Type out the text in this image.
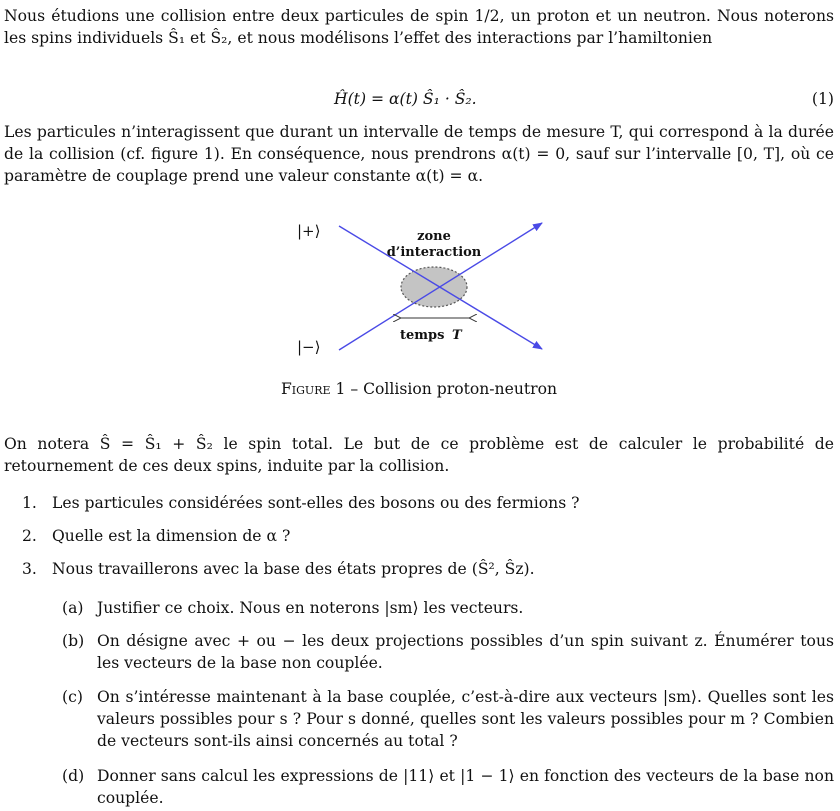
Nous étudions une collision entre deux particules de spin 1/2, un proton et un neutron. Nous noterons les spins individuels Ŝ₁ et Ŝ₂, et nous modélisons l’effet des interactions par l’hamiltonien

Ĥ(t) = α(t) Ŝ₁ · Ŝ₂.	(1)

Les particules n’interagissent que durant un intervalle de temps de mesure T, qui correspond à la durée de la collision (cf. figure 1). En conséquence, nous prendrons α(t) = 0, sauf sur l’intervalle [0, T], où ce paramètre de couplage prend une valeur constante α(t) = α.

|+⟩
|−⟩
zone
d’interaction
temps T
Figure 1 – Collision proton-neutron

On notera Ŝ = Ŝ₁ + Ŝ₂ le spin total. Le but de ce problème est de calculer le probabilité de retournement de ces deux spins, induite par la collision.

1. Les particules considérées sont-elles des bosons ou des fermions ?
2. Quelle est la dimension de α ?
3. Nous travaillerons avec la base des états propres de (Ŝ², Ŝz).
(a) Justifier ce choix. Nous en noterons |sm⟩ les vecteurs.
(b) On désigne avec + ou − les deux projections possibles d’un spin suivant z. Énumérer tous les vecteurs de la base non couplée.
(c) On s’intéresse maintenant à la base couplée, c’est-à-dire aux vecteurs |sm⟩. Quelles sont les valeurs possibles pour s ? Pour s donné, quelles sont les valeurs possibles pour m ? Combien de vecteurs sont-ils ainsi concernés au total ?
(d) Donner sans calcul les expressions de |11⟩ et |1 − 1⟩ en fonction des vecteurs de la base non couplée.
